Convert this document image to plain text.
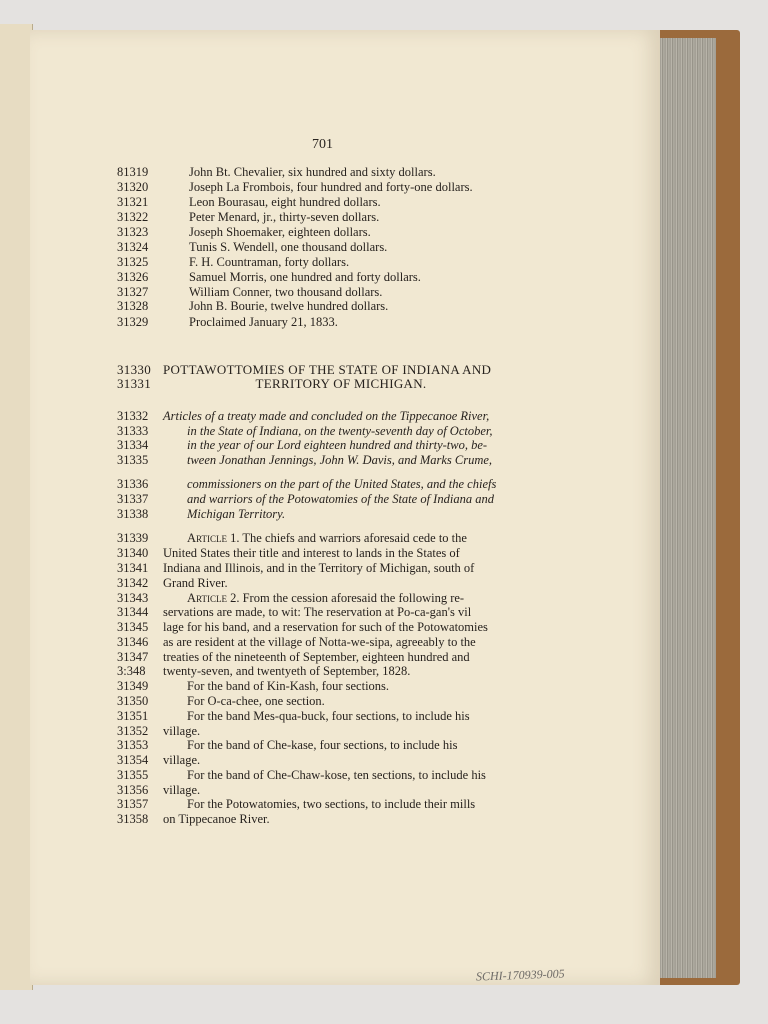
701
81319	John Bt. Chevalier, six hundred and sixty dollars.
31320	Joseph La Frombois, four hundred and forty-one dollars.
31321	Leon Bourasau, eight hundred dollars.
31322	Peter Menard, jr., thirty-seven dollars.
31323	Joseph Shoemaker, eighteen dollars.
31324	Tunis S. Wendell, one thousand dollars.
31325	F. H. Countraman, forty dollars.
31326	Samuel Morris, one hundred and forty dollars.
31327	William Conner, two thousand dollars.
31328	John B. Bourie, twelve hundred dollars.
31329	Proclaimed January 21, 1833.
31330 POTTAWOTTOMIES OF THE STATE OF INDIANA AND
31331	TERRITORY OF MICHIGAN.
31332	Articles of a treaty made and concluded on the Tippecanoe River,
31333	in the State of Indiana, on the twenty-seventh day of October,
31334	in the year of our Lord eighteen hundred and thirty-two, be-
31335	tween Jonathan Jennings, John W. Davis, and Marks Crume,
31336	commissioners on the part of the United States, and the chiefs
31337	and warriors of the Potowatomies of the State of Indiana and
31338	Michigan Territory.
31339	Article 1. The chiefs and warriors aforesaid cede to the
31340	United States their title and interest to lands in the States of
31341	Indiana and Illinois, and in the Territory of Michigan, south of
31342	Grand River.
31343	Article 2. From the cession aforesaid the following re-
31344	servations are made, to wit: The reservation at Po-ca-gan's vil
31345	lage for his band, and a reservation for such of the Potowatomies
31346	as are resident at the village of Notta-we-sipa, agreeably to the
31347	treaties of the nineteenth of September, eighteen hundred and
3:348	twenty-seven, and twentyeth of September, 1828.
31349	For the band of Kin-Kash, four sections.
31350	For O-ca-chee, one section.
31351	For the band Mes-qua-buck, four sections, to include his
31352	village.
31353	For the band of Che-kase, four sections, to include his
31354	village.
31355	For the band of Che-Chaw-kose, ten sections, to include his
31356	village.
31357	For the Potowatomies, two sections, to include their mills
31358	on Tippecanoe River.
SCHI-170939-005
